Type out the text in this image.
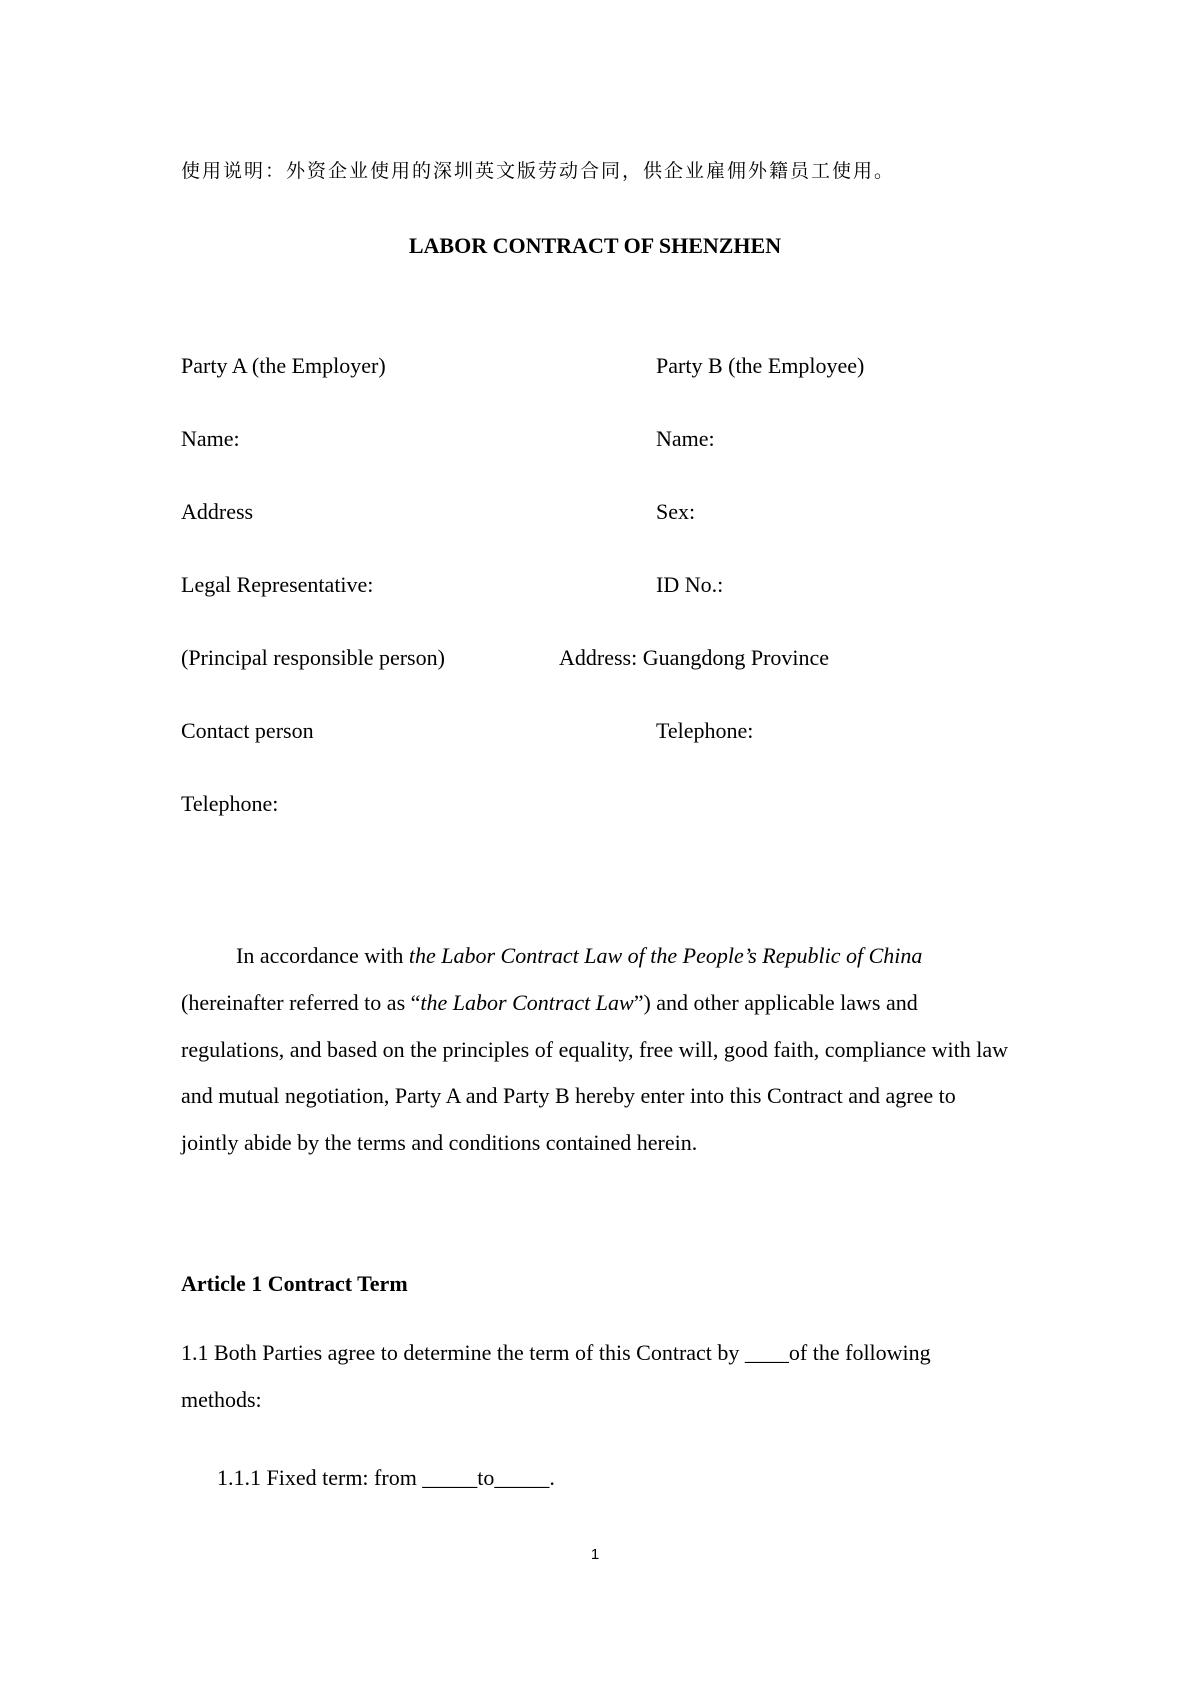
使用说明：外资企业使用的深圳英文版劳动合同，供企业雇佣外籍员工使用。

LABOR CONTRACT OF SHENZHEN

Party A (the Employer)

Name:

Address

Legal Representative:

(Principal responsible person)

Contact person

Telephone:

Party B (the Employee)

Name:

Sex:

ID No.:

Address: Guangdong Province

Telephone:

In accordance with the Labor Contract Law of the People’s Republic of China (hereinafter referred to as “the Labor Contract Law”) and other applicable laws and regulations, and based on the principles of equality, free will, good faith, compliance with law and mutual negotiation, Party A and Party B hereby enter into this Contract and agree to jointly abide by the terms and conditions contained herein.

Article 1 Contract Term

1.1 Both Parties agree to determine the term of this Contract by ____of the following methods:

1.1.1 Fixed term: from _____to_____.

1
